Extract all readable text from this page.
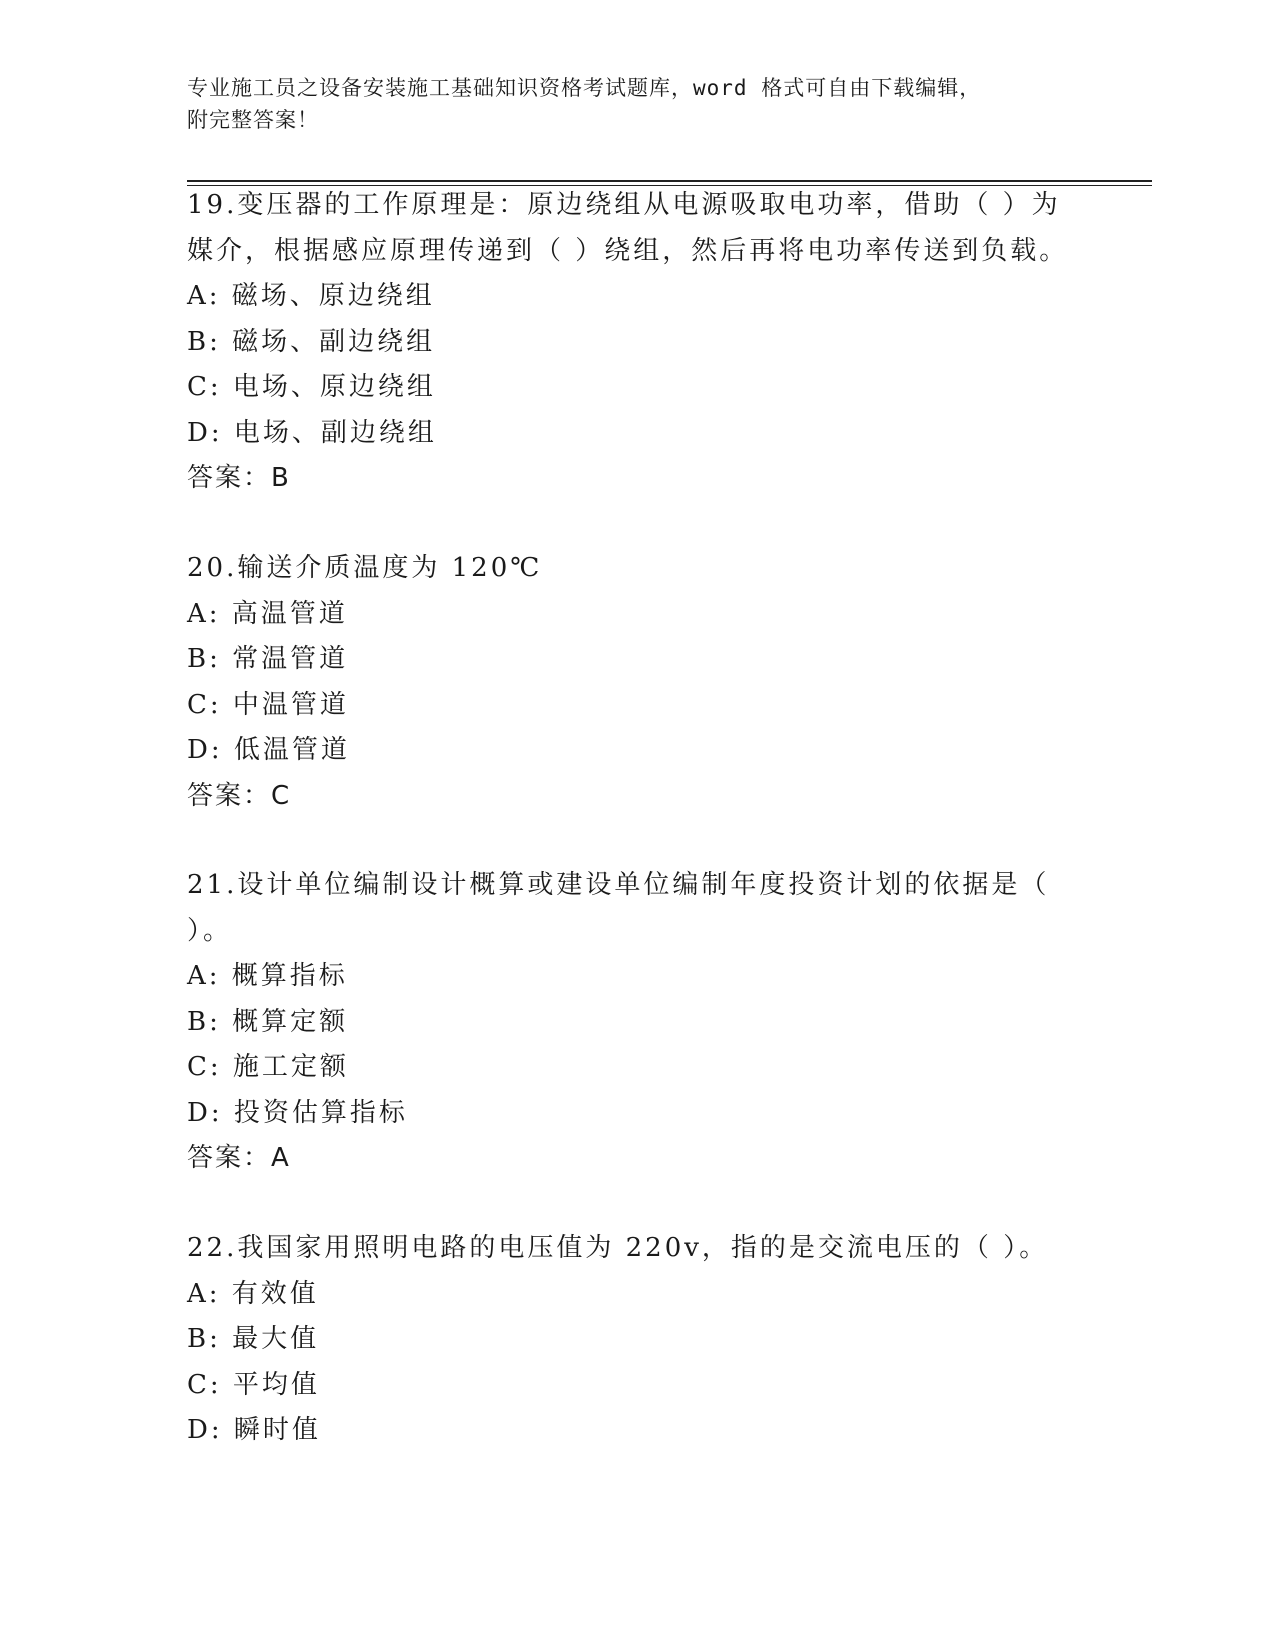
专业施工员之设备安装施工基础知识资格考试题库，word 格式可自由下载编辑，
附完整答案！
19.变压器的工作原理是：原边绕组从电源吸取电功率，借助（ ）为
媒介，根据感应原理传递到（ ）绕组，然后再将电功率传送到负载。
A: 磁场、原边绕组
B: 磁场、副边绕组
C: 电场、原边绕组
D: 电场、副边绕组
答案：B
20.输送介质温度为 120℃
A: 高温管道
B: 常温管道
C: 中温管道
D: 低温管道
答案：C
21.设计单位编制设计概算或建设单位编制年度投资计划的依据是（
）。
A: 概算指标
B: 概算定额
C: 施工定额
D: 投资估算指标
答案：A
22.我国家用照明电路的电压值为 220v，指的是交流电压的（ ）。
A: 有效值
B: 最大值
C: 平均值
D: 瞬时值
